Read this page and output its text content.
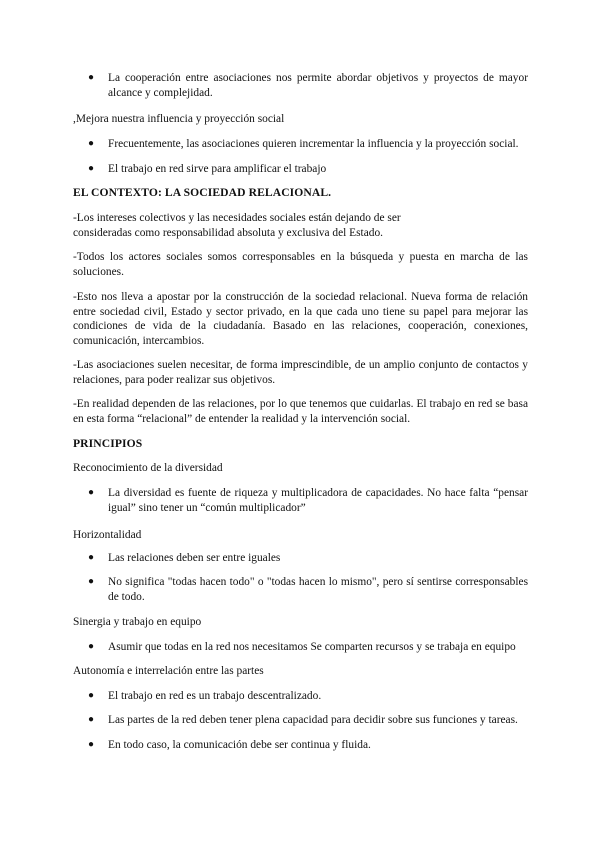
●	La cooperación entre asociaciones nos permite abordar objetivos y proyectos de mayor alcance y complejidad.
,Mejora nuestra influencia y proyección social
●	Frecuentemente, las asociaciones quieren incrementar la influencia y la proyección social.
●	El trabajo en red sirve para amplificar el trabajo
EL CONTEXTO: LA SOCIEDAD RELACIONAL.
-Los intereses colectivos y las necesidades sociales están dejando de ser
consideradas como responsabilidad absoluta y exclusiva del Estado.
-Todos los actores sociales somos corresponsables en la búsqueda y puesta en marcha de las soluciones.
-Esto nos lleva a apostar por la construcción de la sociedad relacional. Nueva forma de relación entre sociedad civil, Estado y sector privado, en la que cada uno tiene su papel para mejorar las condiciones de vida de la ciudadanía. Basado en las relaciones, cooperación, conexiones, comunicación, intercambios.
-Las asociaciones suelen necesitar, de forma imprescindible, de un amplio conjunto de contactos y relaciones, para poder realizar sus objetivos.
-En realidad dependen de las relaciones, por lo que tenemos que cuidarlas. El trabajo en red se basa en esta forma “relacional” de entender la realidad y la intervención social.
PRINCIPIOS
Reconocimiento de la diversidad
●	La diversidad es fuente de riqueza y multiplicadora de capacidades. No hace falta “pensar igual” sino tener un “común multiplicador”
Horizontalidad
●	Las relaciones deben ser entre iguales
●	No significa "todas hacen todo" o "todas hacen lo mismo", pero sí sentirse corresponsables de todo.
Sinergia y trabajo en equipo
●	Asumir que todas en la red nos necesitamos Se comparten recursos y se trabaja en equipo
Autonomía e interrelación entre las partes
●	El trabajo en red es un trabajo descentralizado.
●	Las partes de la red deben tener plena capacidad para decidir sobre sus funciones y tareas.
●	En todo caso, la comunicación debe ser continua y fluida.
